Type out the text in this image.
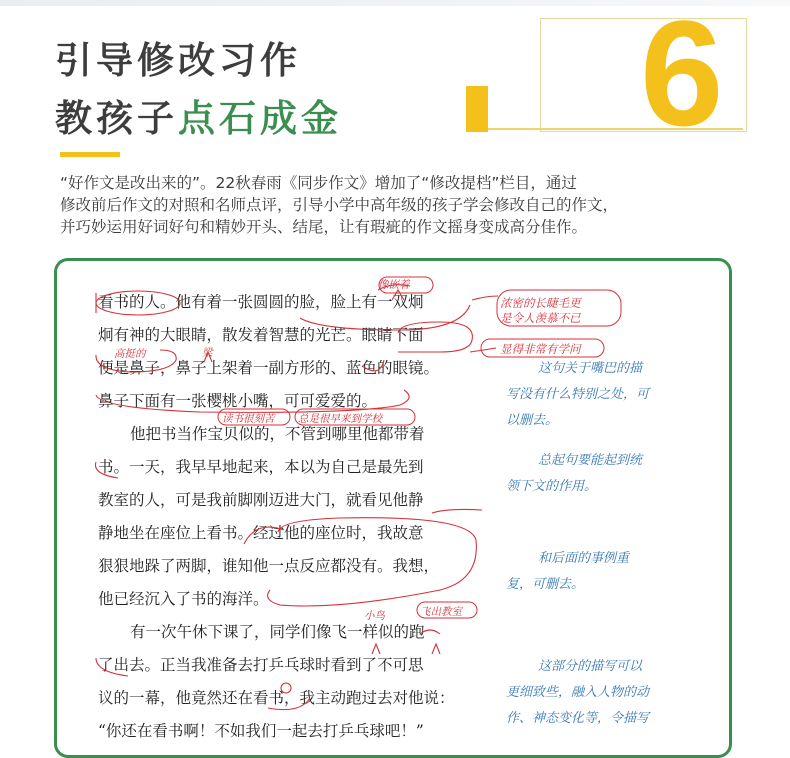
引导修改习作
教孩子点石成金 6

“好作文是改出来的”。22秋春雨《同步作文》增加了“修改提档”栏目，通过

修改前后作文的对照和名师点评，引导小学中高年级的孩子学会修改自己的作文，

并巧妙运用好词好句和精妙开头、结尾，让有瑕疵的作文摇身变成高分佳作。

看书的人。他有着一张圆圆的脸，脸上有一双炯
炯有神的大眼睛，散发着智慧的光芒。眼睛下面
便是鼻子，鼻子上架着一副方形的、蓝色的眼镜。
鼻子下面有一张樱桃小嘴，可可爱爱的。
他把书当作宝贝似的，不管到哪里他都带着
书。一天，我早早地起来，本以为自己是最先到
教室的人，可是我前脚刚迈进大门，就看见他静
静地坐在座位上看书。经过他的座位时，我故意
狠狠地跺了两脚，谁知他一点反应都没有。我想，
他已经沉入了书的海洋。
有一次午休下课了，同学们像飞一样似的跑
了出去。正当我准备去打乒乓球时看到了不可思
议的一幕，他竟然还在看书，我主动跑过去对他说：
“你还在看书啊！不如我们一起去打乒乓球吧！”
像嵌着
高挺的	梁
读书很刻苦 总是很早来到学校
小鸟	飞出教室
浓密的长睫毛更
是令人羡慕不已
显得非常有学问
这句关于嘴巴的描
写没有什么特别之处，可
以删去。
总起句要能起到统
领下文的作用。
和后面的事例重
复，可删去。
这部分的描写可以
更细致些，融入人物的动
作、神态变化等，令描写
